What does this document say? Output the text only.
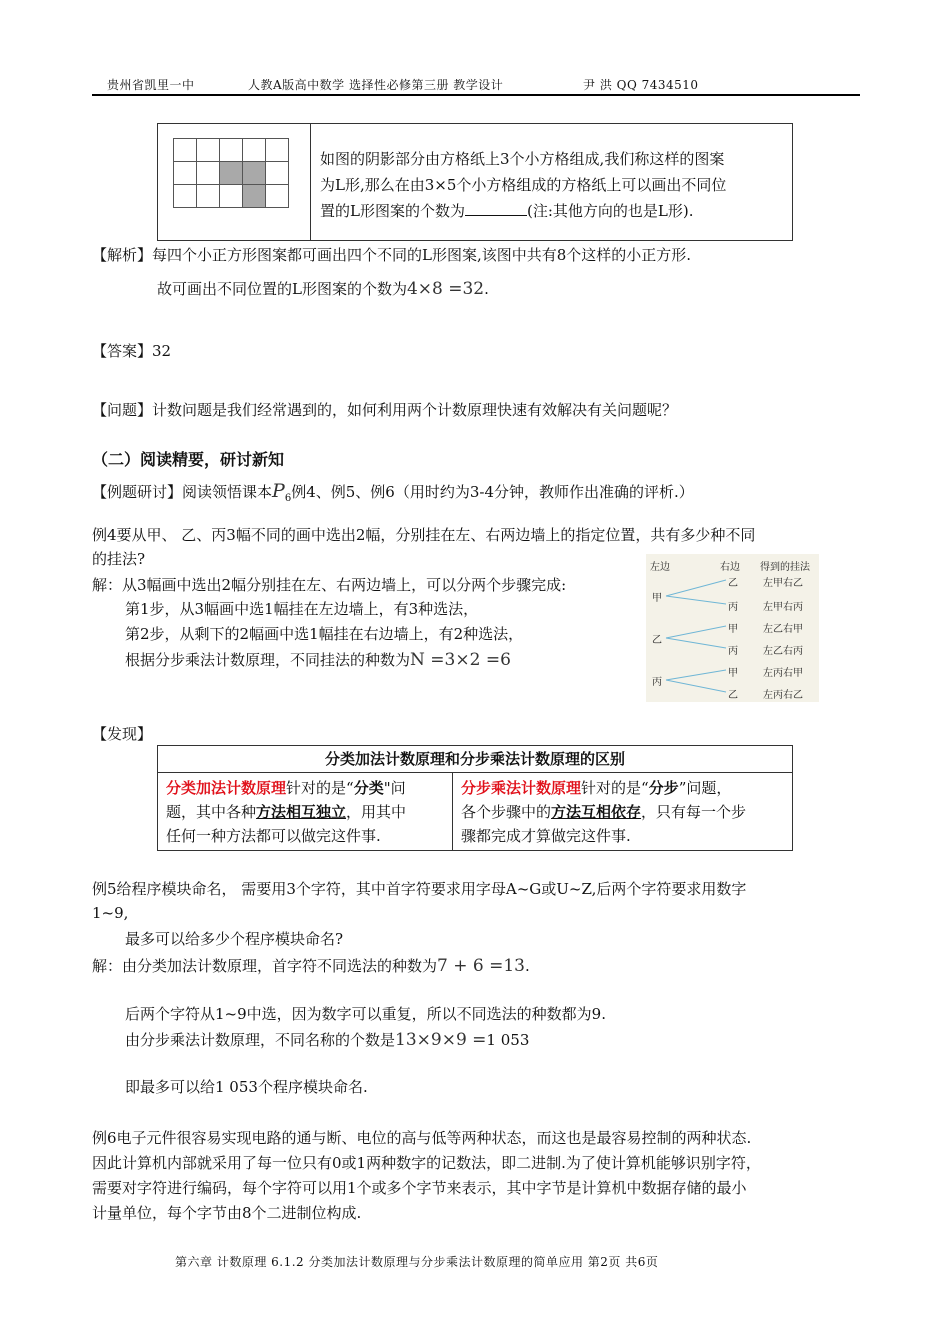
贵州省凯里一中	人教A版高中数学 选择性必修第三册 教学设计	尹 洪 QQ 7434510

如图的阴影部分由方格纸上3个小方格组成,我们称这样的图案
为L形,那么在由3×5个小方格组成的方格纸上可以画出不同位
置的L形图案的个数为	(注:其他方向的也是L形).
【解析】每四个小正方形图案都可画出四个不同的L形图案,该图中共有8个这样的小正方形.
故可画出不同位置的L形图案的个数为4×8 =32.
【答案】32
【问题】计数问题是我们经常遇到的，如何利用两个计数原理快速有效解决有关问题呢？
（二）阅读精要，研讨新知
【例题研讨】阅读领悟课本$P_6$例4、例5、例6（用时约为3-4分钟，教师作出准确的评析.）
例4要从甲、 乙、丙3幅不同的画中选出2幅，分别挂在左、右两边墙上的指定位置，共有多少种不同
的挂法?
解：从3幅画中选出2幅分别挂在左、右两边墙上，可以分两个步骤完成:
第1步，从3幅画中选1幅挂在左边墙上，有3种选法，
第2步，从剩下的2幅画中选1幅挂在右边墙上，有2种选法，
根据分步乘法计数原理，不同挂法的种数为N =3×2 =6
左边	右边 得到的挂法
甲
乙	左甲右乙
丙	左甲右丙
乙
甲	左乙右甲
丙	左乙右丙
丙
甲	左丙右甲
乙	左丙右乙
【发现】
分类加法计数原理和分步乘法计数原理的区别
分类加法计数原理针对的是“分类"问
题，其中各种方法相互独立，用其中
任何一种方法都可以做完这件事.
分步乘法计数原理针对的是“分步”问题，
各个步骤中的方法互相依存，只有每一个步
骤都完成才算做完这件事.
例5给程序模块命名， 需要用3个字符，其中首字符要求用字母A~G或U~Z,后两个字符要求用数字
1~9,
最多可以给多少个程序模块命名?
解：由分类加法计数原理，首字符不同选法的种数为7 + 6 =13.
后两个字符从1~9中选，因为数字可以重复，所以不同选法的种数都为9.
由分步乘法计数原理，不同名称的个数是13×9×9 =1 053
即最多可以给1 053个程序模块命名.
例6电子元件很容易实现电路的通与断、电位的高与低等两种状态，而这也是最容易控制的两种状态.
因此计算机内部就采用了每一位只有0或1两种数字的记数法，即二进制.为了使计算机能够识别字符，
需要对字符进行编码，每个字符可以用1个或多个字节来表示，其中字节是计算机中数据存储的最小
计量单位，每个字节由8个二进制位构成.
第六章 计数原理 6.1.2 分类加法计数原理与分步乘法计数原理的简单应用 第2页 共6页
